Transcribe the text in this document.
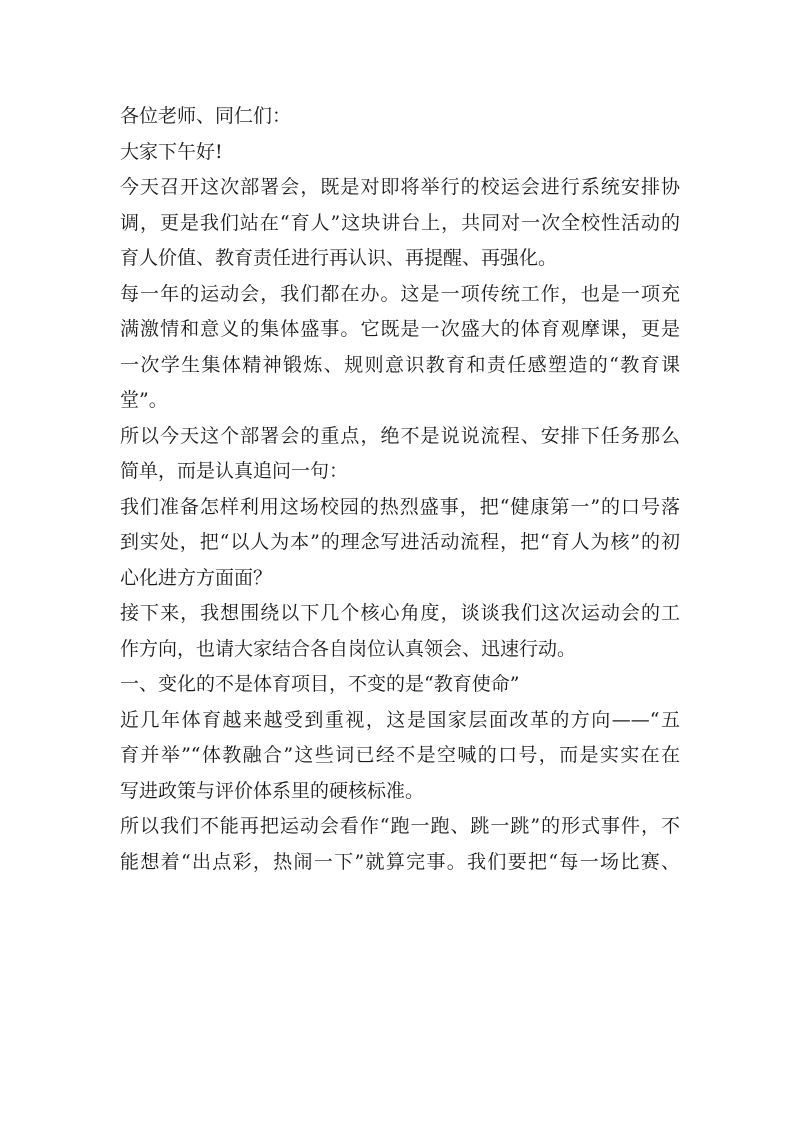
各位老师、同仁们：
大家下午好!
今天召开这次部署会，既是对即将举行的校运会进行系统安排协
调，更是我们站在“育人”这块讲台上，共同对一次全校性活动的
育人价值、教育责任进行再认识、再提醒、再强化。
每一年的运动会，我们都在办。这是一项传统工作，也是一项充
满激情和意义的集体盛事。它既是一次盛大的体育观摩课，更是
一次学生集体精神锻炼、规则意识教育和责任感塑造的“教育课
堂”。
所以今天这个部署会的重点，绝不是说说流程、安排下任务那么
简单，而是认真追问一句：
我们准备怎样利用这场校园的热烈盛事，把“健康第一”的口号落
到实处，把“以人为本”的理念写进活动流程，把“育人为核”的初
心化进方方面面？
接下来，我想围绕以下几个核心角度，谈谈我们这次运动会的工
作方向，也请大家结合各自岗位认真领会、迅速行动。
一、变化的不是体育项目，不变的是“教育使命”
近几年体育越来越受到重视，这是国家层面改革的方向——“五
育并举”“体教融合”这些词已经不是空喊的口号，而是实实在在
写进政策与评价体系里的硬核标准。
所以我们不能再把运动会看作“跑一跑、跳一跳”的形式事件，不
能想着“出点彩，热闹一下”就算完事。我们要把“每一场比赛、
